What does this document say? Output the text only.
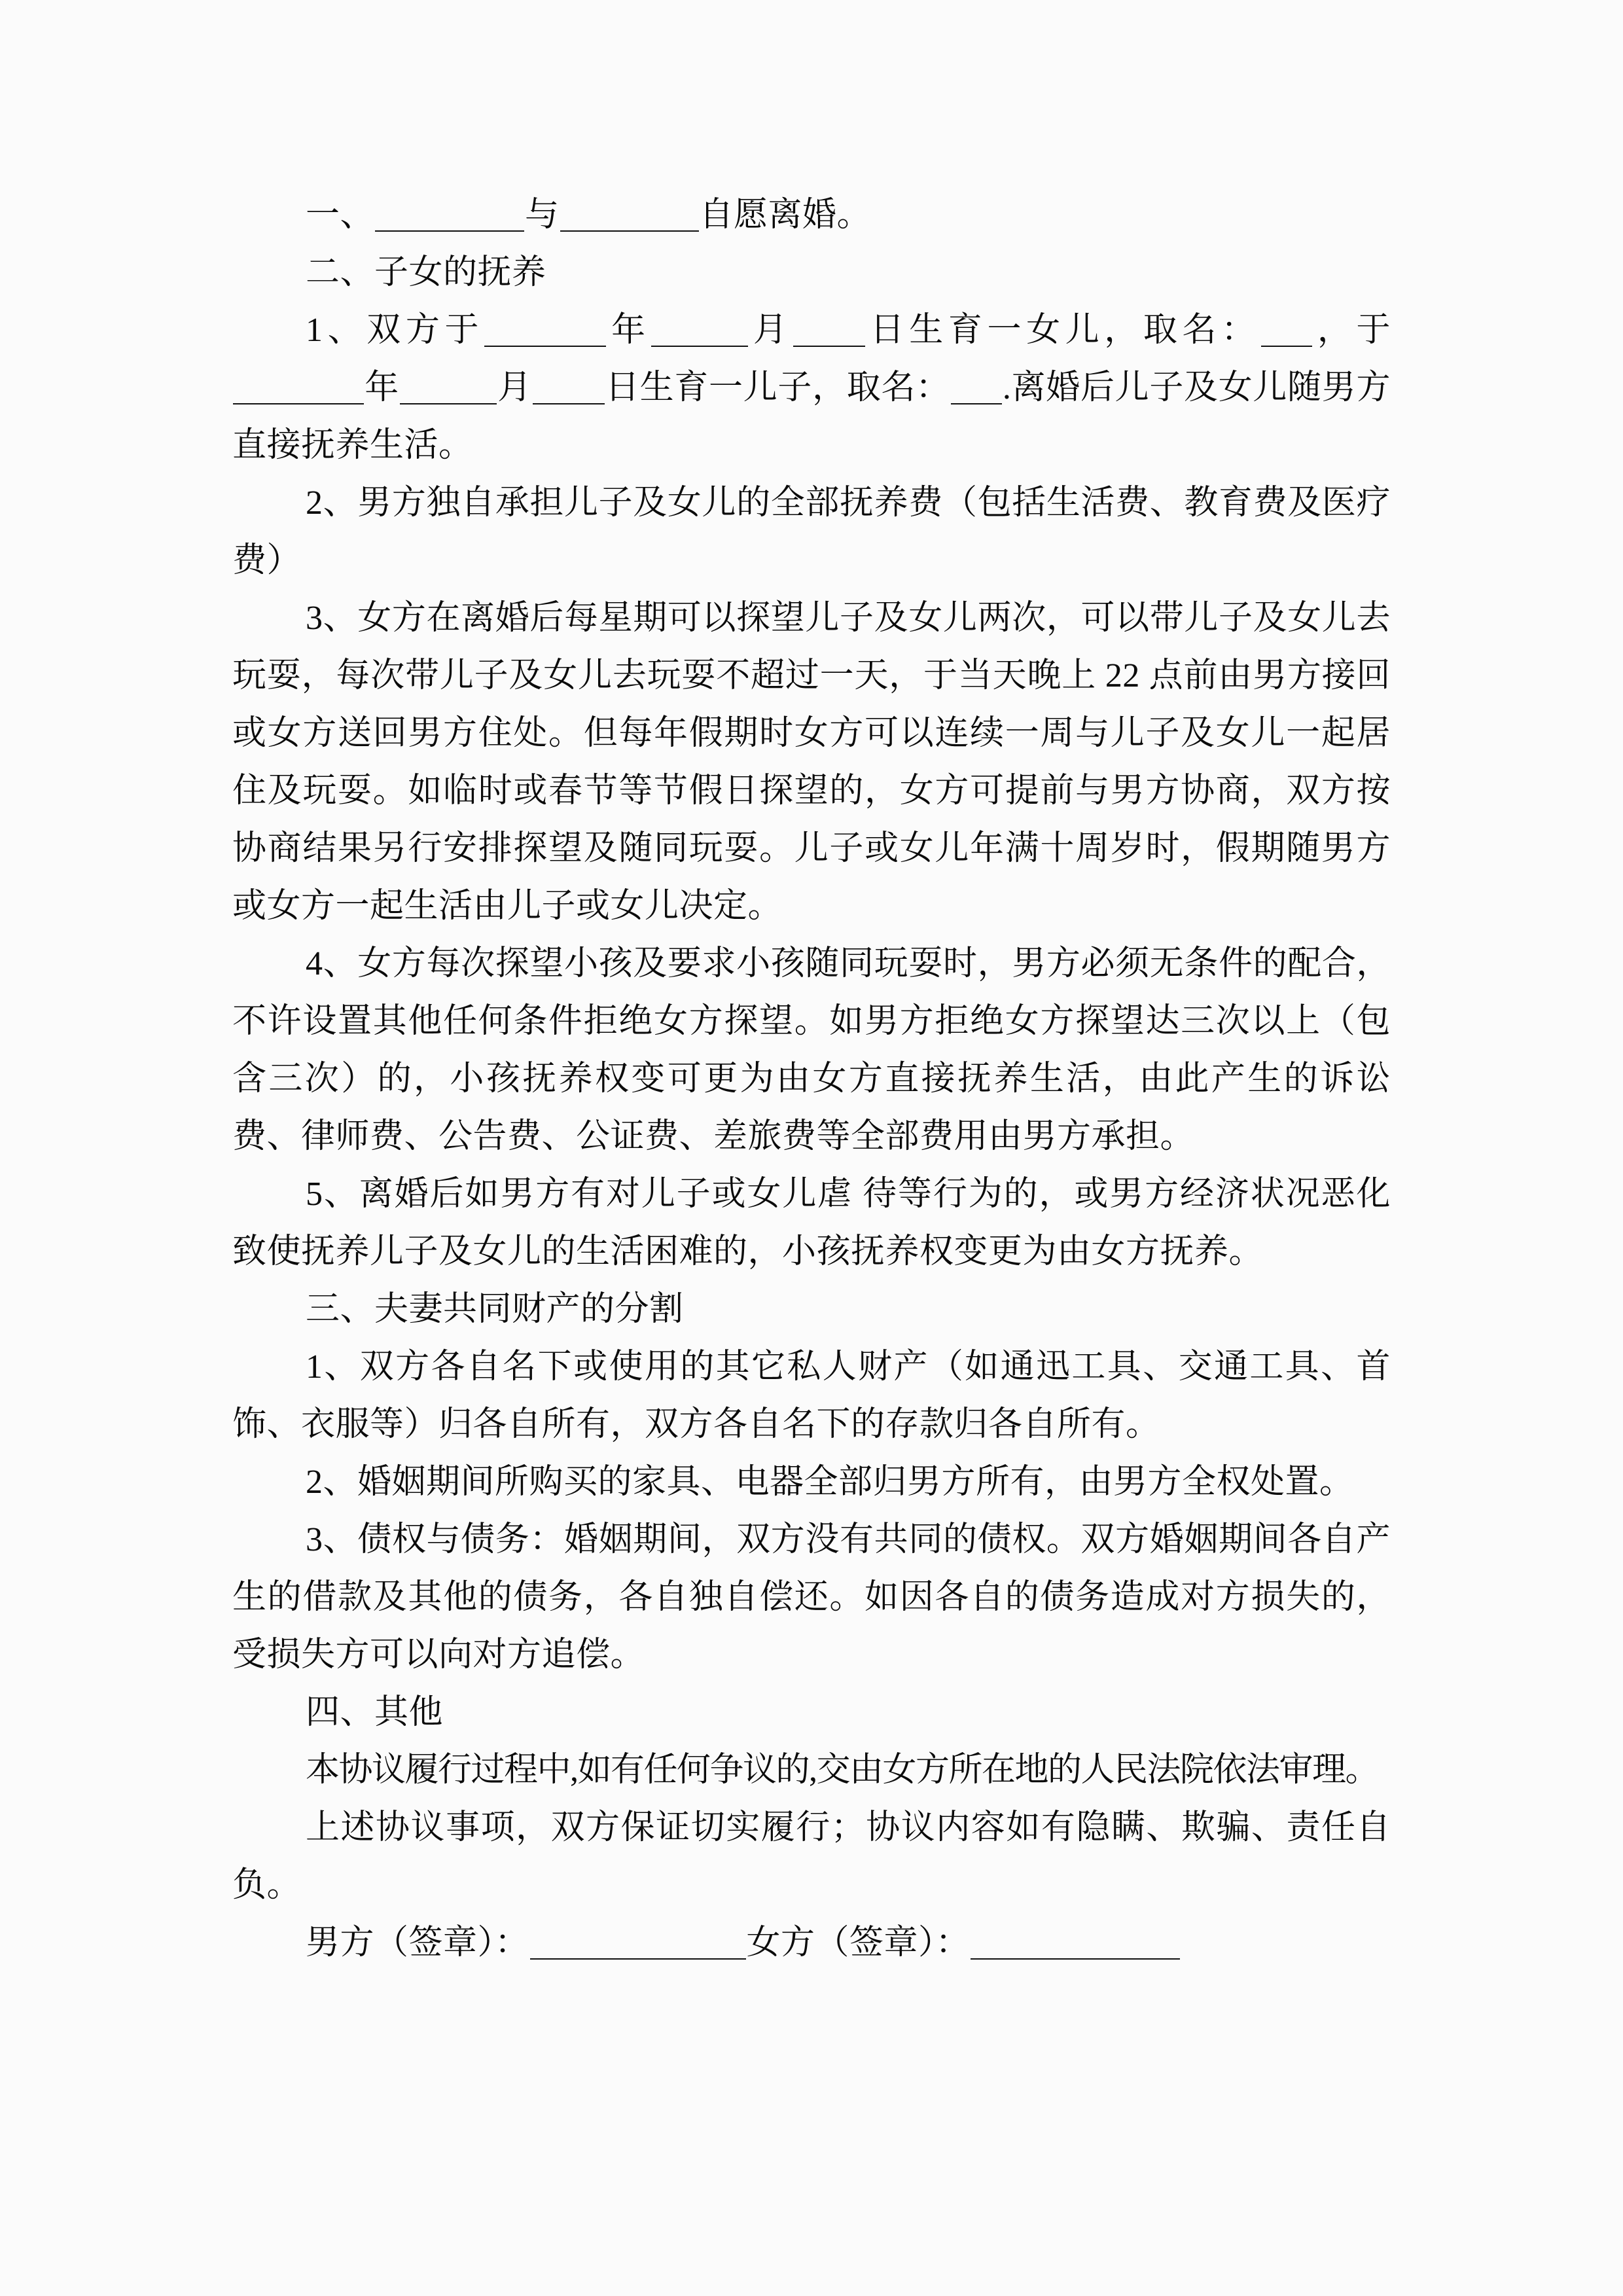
一、	与	自愿离婚。

二、子女的抚养

1、双方于	年	月 日生育一女儿，取名： ，于年	月 日生育一儿子，取名： .离婚后儿子及女儿随男方直接抚养生活。

2、男方独自承担儿子及女儿的全部抚养费（包括生活费、教育费及医疗费）

3、女方在离婚后每星期可以探望儿子及女儿两次，可以带儿子及女儿去玩耍，每次带儿子及女儿去玩耍不超过一天，于当天晚上 22 点前由男方接回或女方送回男方住处。但每年假期时女方可以连续一周与儿子及女儿一起居住及玩耍。如临时或春节等节假日探望的，女方可提前与男方协商，双方按协商结果另行安排探望及随同玩耍。儿子或女儿年满十周岁时，假期随男方或女方一起生活由儿子或女儿决定。

4、女方每次探望小孩及要求小孩随同玩耍时，男方必须无条件的配合，不许设置其他任何条件拒绝女方探望。如男方拒绝女方探望达三次以上（包含三次）的，小孩抚养权变可更为由女方直接抚养生活，由此产生的诉讼费、律师费、公告费、公证费、差旅费等全部费用由男方承担。

5、离婚后如男方有对儿子或女儿虐 待等行为的，或男方经济状况恶化致使抚养儿子及女儿的生活困难的，小孩抚养权变更为由女方抚养。

三、夫妻共同财产的分割

1、双方各自名下或使用的其它私人财产（如通迅工具、交通工具、首饰、衣服等）归各自所有，双方各自名下的存款归各自所有。

2、婚姻期间所购买的家具、电器全部归男方所有，由男方全权处置。

3、债权与债务：婚姻期间，双方没有共同的债权。双方婚姻期间各自产生的借款及其他的债务，各自独自偿还。如因各自的债务造成对方损失的，受损失方可以向对方追偿。

四、其他

本协议履行过程中,如有任何争议的,交由女方所在地的人民法院依法审理。

上述协议事项，双方保证切实履行；协议内容如有隐瞒、欺骗、责任自负。

男方（签章）：	女方（签章）：
